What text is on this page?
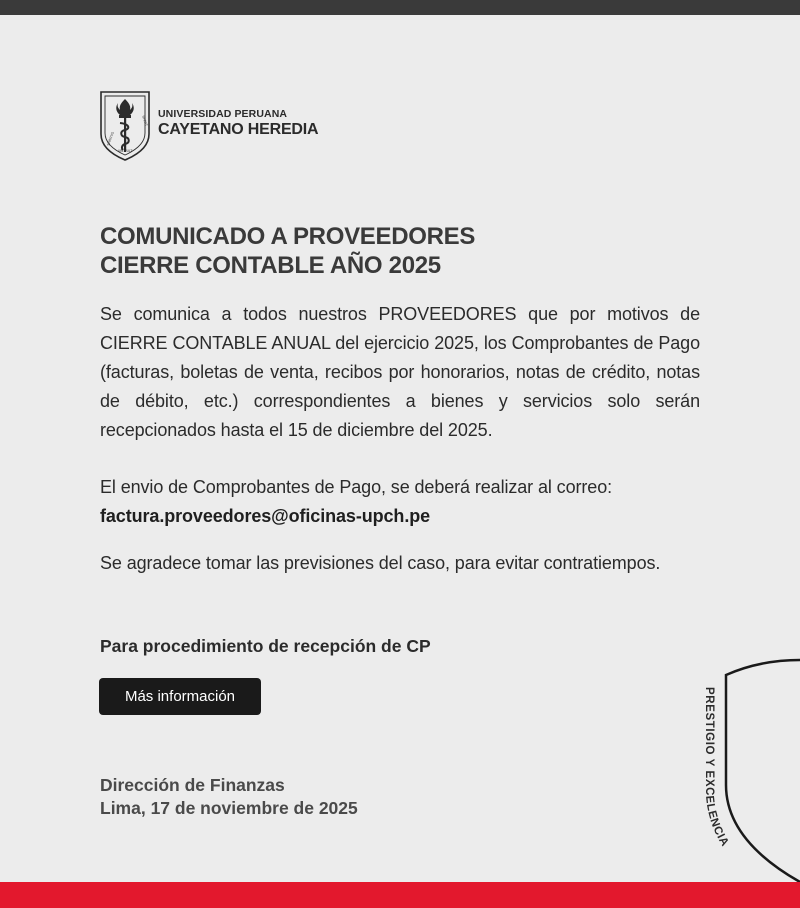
SPIRITUS
SPIRAT
UBI VULT
UNIVERSIDAD PERUANA
CAYETANO HEREDIA
COMUNICADO A PROVEEDORES
CIERRE CONTABLE AÑO 2025

Se comunica a todos nuestros PROVEEDORES que por motivos de CIERRE CONTABLE ANUAL del ejercicio 2025, los Comprobantes de Pago (facturas, boletas de venta, recibos por honorarios, notas de crédito, notas de débito, etc.) correspondientes a bienes y servicios solo serán recepcionados hasta el 15 de diciembre del 2025.

El envio de Comprobantes de Pago, se deberá realizar al correo:
factura.proveedores@oficinas-upch.pe

Se agradece tomar las previsiones del caso, para evitar contratiempos.

Para procedimiento de recepción de CP
Más información
Dirección de Finanzas
Lima, 17 de noviembre de 2025
PRESTIGIO Y EXCELENCIA
